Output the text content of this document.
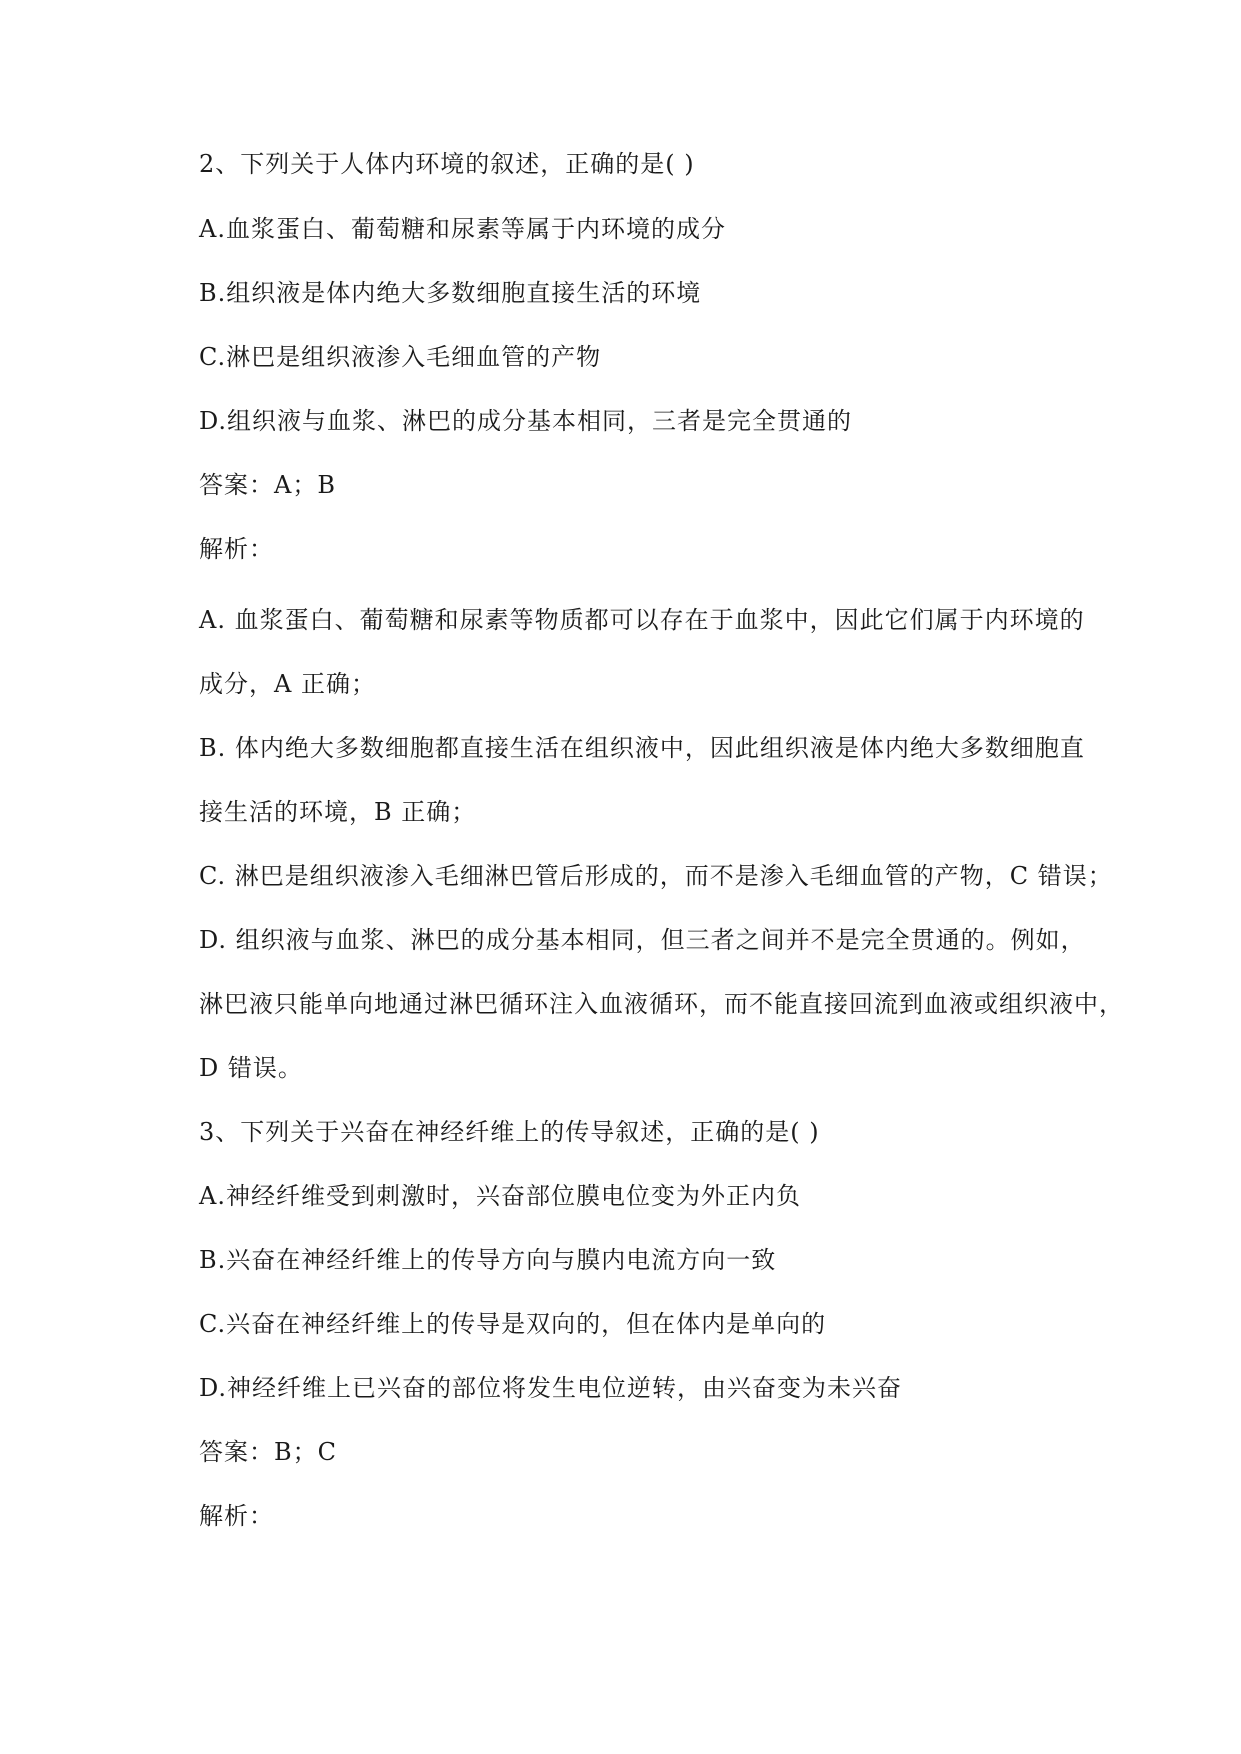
2、下列关于人体内环境的叙述，正确的是( )
A.血浆蛋白、葡萄糖和尿素等属于内环境的成分
B.组织液是体内绝大多数细胞直接生活的环境
C.淋巴是组织液渗入毛细血管的产物
D.组织液与血浆、淋巴的成分基本相同，三者是完全贯通的
答案：A；B
解析：
A. 血浆蛋白、葡萄糖和尿素等物质都可以存在于血浆中，因此它们属于内环境的
成分，A 正确；
B. 体内绝大多数细胞都直接生活在组织液中，因此组织液是体内绝大多数细胞直
接生活的环境，B 正确；
C. 淋巴是组织液渗入毛细淋巴管后形成的，而不是渗入毛细血管的产物，C 错误；
D. 组织液与血浆、淋巴的成分基本相同，但三者之间并不是完全贯通的。例如，
淋巴液只能单向地通过淋巴循环注入血液循环，而不能直接回流到血液或组织液中，
D 错误。
3、下列关于兴奋在神经纤维上的传导叙述，正确的是( )
A.神经纤维受到刺激时，兴奋部位膜电位变为外正内负
B.兴奋在神经纤维上的传导方向与膜内电流方向一致
C.兴奋在神经纤维上的传导是双向的，但在体内是单向的
D.神经纤维上已兴奋的部位将发生电位逆转，由兴奋变为未兴奋
答案：B；C
解析：
